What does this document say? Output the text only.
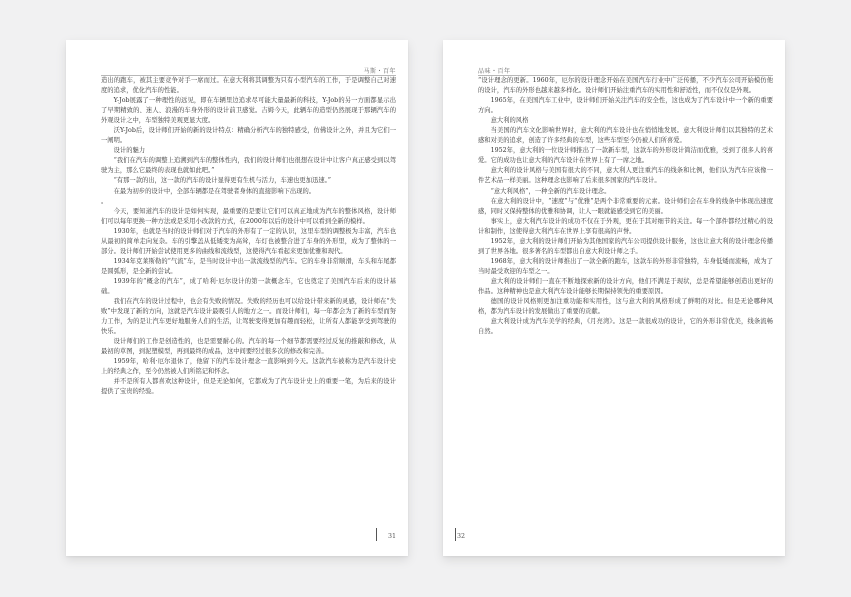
马斯・百年

造出的跑车，被其主要竞争对手一席而过。在意大利将其调整为只有小型汽车的工作，于是调整自己对速度的追求，优化汽车的性能。

Y-Job展露了一种理性的远见，即在车辆里边追求尽可能大量最新的科技，Y-Job的另一方面都显示出了早期精致的、迷人、浪漫的车身外形的设计前卫感觉。吉姆今天，此辆车的造型仍然展现于那辆汽车的外观设计之中，车型独特美观更显大度。

沃Y-Job后，设计师们开始的新的设计特点：精确分析汽车的独特感受，仿佛设计之外，并且为它们一一阐明。

设计的魅力

“我们在汽车的调整上追溯到汽车的整体性内，我们的设计师们也很想在设计中让客户真正感受到以驾驶为主，那么它最终的表现也就如此吧。”

“有那一款的出，这一款的汽车的设计显得更有生机与活力，车速也更加迅速。”

在最为初步的设计中，全部车辆都是在驾驶者身体的直接影响下出现的。

。

今天，要知道汽车的设计是如何实现，最重要的是要让它们可以真正地成为汽车的整体风格，设计师们可以每年更换一种方法或是采用小改款的方式，在2000年以后的设计中可以看到全新的模样。

1930年，也就是当时的设计师们对于汽车的外形有了一定的认识，这里车型的调整极为丰富，汽车也从最初的简单走向复杂。车的引擎盖从低矮变为高耸，车灯也被整合进了车身的外形里，成为了整体的一部分。设计师们开始尝试使用更多的曲线和流线型，这使得汽车看起来更加优雅和现代。

1934年克莱斯勒的“气流”车，是当时设计中出一款流线型的汽车。它的车身非常顺滑，车头和车尾都是圆弧形，是全新的尝试。

1939年的“概念的汽车”，成了哈利·厄尔设计的第一款概念车，它也奠定了美国汽车后来的设计基础。

我们在汽车的设计过程中，也会有失败的情况。失败的经历也可以给设计带来新的灵感，设计师在“失败”中发现了新的方向，这就是汽车设计最吸引人的地方之一。而设计师们，每一年都会为了新的车型而努力工作，为的是让汽车更好地服务人们的生活，让驾驶变得更加有趣而轻松，让所有人都能享受到驾驶的快乐。

设计师们的工作是创造性的，也是需要耐心的。汽车的每一个细节都需要经过反复的推敲和修改，从最初的草图，到泥塑模型，再到最终的成品，这中间要经过很多次的修改和完善。

1959年，哈利·厄尔退休了，他留下的汽车设计理念一直影响到今天。这款汽车被称为是汽车设计史上的经典之作，至今仍然被人们所铭记和怀念。

并不是所有人都喜欢这种设计，但是无论如何，它都成为了汽车设计史上的重要一笔，为后来的设计提供了宝贵的经验。

31
品味・百年

“设计理念的更新。1960年，厄尔的设计理念开始在美国汽车行业中广泛传播，不少汽车公司开始模仿他的设计，汽车的外形也越来越多样化。设计师们开始注重汽车的实用性和舒适性，而不仅仅是外观。

1965年，在美国汽车工业中，设计师们开始关注汽车的安全性，这也成为了汽车设计中一个新的重要方向。

意大利的风格

当美国的汽车文化影响世界时，意大利的汽车设计也在悄悄地发展。意大利设计师们以其独特的艺术感和对美的追求，创造了许多经典的车型，这些车型至今仍被人们所喜爱。

1952年，意大利的一位设计师推出了一款新车型，这款车的外形设计简洁而优雅，受到了很多人的喜爱。它的成功也让意大利的汽车设计在世界上有了一席之地。

意大利的设计风格与美国有很大的不同，意大利人更注重汽车的线条和比例，他们认为汽车应该像一件艺术品一样美丽。这种理念也影响了后来很多国家的汽车设计。

“意大利风格”，一种全新的汽车设计理念。

在意大利的设计中，“速度”与“优雅”是两个非常重要的元素。设计师们会在车身的线条中体现出速度感，同时又保持整体的优雅和协调，让人一眼就能感受到它的美丽。

事实上，意大利汽车设计的成功不仅在于外观，更在于其对细节的关注。每一个部件都经过精心的设计和制作，这使得意大利汽车在世界上享有很高的声誉。

1952年，意大利的设计师们开始为其他国家的汽车公司提供设计服务，这也让意大利的设计理念传播到了世界各地。很多著名的车型都出自意大利设计师之手。

1968年，意大利的设计师推出了一款全新的跑车，这款车的外形非常独特，车身低矮而流畅，成为了当时最受欢迎的车型之一。

意大利的设计师们一直在不断地探索新的设计方向，他们不满足于现状，总是希望能够创造出更好的作品。这种精神也是意大利汽车设计能够长期保持领先的重要原因。

德国的设计风格则更加注重功能和实用性，这与意大利的风格形成了鲜明的对比。但是无论哪种风格，都为汽车设计的发展做出了重要的贡献。

意大利设计成为汽车美学的经典，《月亮湾》。这是一款很成功的设计，它的外形非常优美，线条流畅自然。

32
